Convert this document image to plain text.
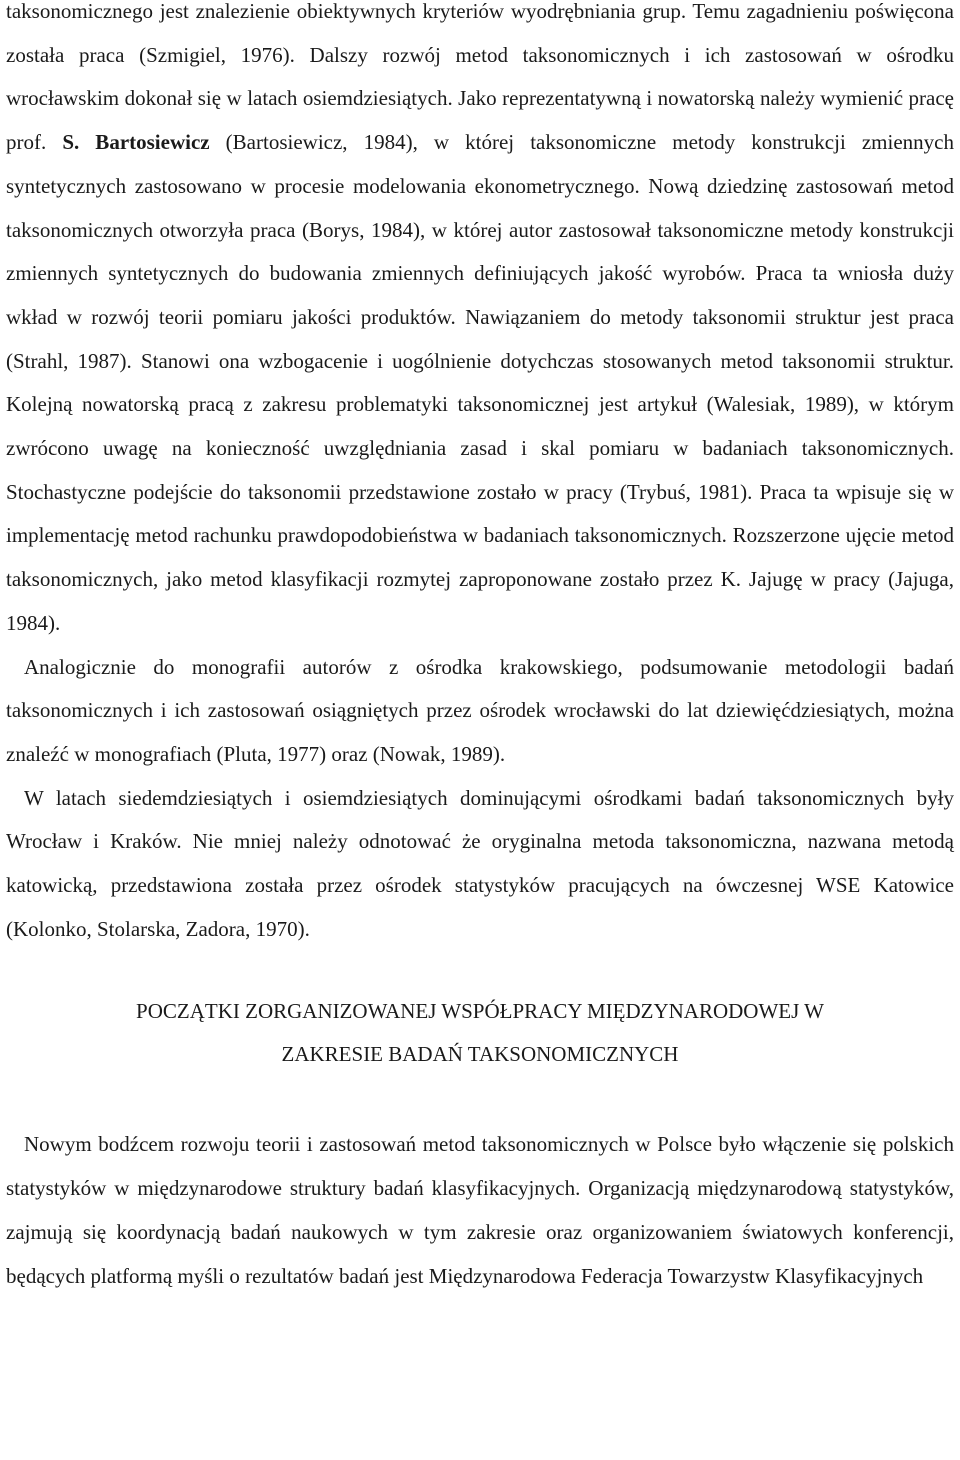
taksonomicznego jest znalezienie obiektywnych kryteriów wyodrębniania grup. Temu zagadnieniu poświęcona została praca (Szmigiel, 1976). Dalszy rozwój metod taksonomicznych i ich zastosowań w ośrodku wrocławskim dokonał się w latach osiemdziesiątych. Jako reprezentatywną i nowatorską należy wymienić pracę prof. S. Bartosiewicz (Bartosiewicz, 1984), w której taksonomiczne metody konstrukcji zmiennych syntetycznych zastosowano w procesie modelowania ekonometrycznego. Nową dziedzinę zastosowań metod taksonomicznych otworzyła praca (Borys, 1984), w której autor zastosował taksonomiczne metody konstrukcji zmiennych syntetycznych do budowania zmiennych definiujących jakość wyrobów. Praca ta wniosła duży wkład w rozwój teorii pomiaru jakości produktów. Nawiązaniem do metody taksonomii struktur jest praca (Strahl, 1987). Stanowi ona wzbogacenie i uogólnienie dotychczas stosowanych metod taksonomii struktur. Kolejną nowatorską pracą z zakresu problematyki taksonomicznej jest artykuł (Walesiak, 1989), w którym zwrócono uwagę na konieczność uwzględniania zasad i skal pomiaru w badaniach taksonomicznych. Stochastyczne podejście do taksonomii przedstawione zostało w pracy (Trybuś, 1981). Praca ta wpisuje się w implementację metod rachunku prawdopodobieństwa w badaniach taksonomicznych. Rozszerzone ujęcie metod taksonomicznych, jako metod klasyfikacji rozmytej zaproponowane zostało przez K. Jajugę w pracy (Jajuga, 1984).

Analogicznie do monografii autorów z ośrodka krakowskiego, podsumowanie metodologii badań taksonomicznych i ich zastosowań osiągniętych przez ośrodek wrocławski do lat dziewięćdziesiątych, można znaleźć w monografiach (Pluta, 1977) oraz (Nowak, 1989).

W latach siedemdziesiątych i osiemdziesiątych dominującymi ośrodkami badań taksonomicznych były Wrocław i Kraków. Nie mniej należy odnotować że oryginalna metoda taksonomiczna, nazwana metodą katowicką, przedstawiona została przez ośrodek statystyków pracujących na ówczesnej WSE Katowice (Kolonko, Stolarska, Zadora, 1970).

POCZĄTKI ZORGANIZOWANEJ WSPÓŁPRACY MIĘDZYNARODOWEJ W

ZAKRESIE BADAŃ TAKSONOMICZNYCH

Nowym bodźcem rozwoju teorii i zastosowań metod taksonomicznych w Polsce było włączenie się polskich statystyków w międzynarodowe struktury badań klasyfikacyjnych. Organizacją międzynarodową statystyków, zajmują się koordynacją badań naukowych w tym zakresie oraz organizowaniem światowych konferencji, będących platformą myśli o rezultatów badań jest Międzynarodowa Federacja Towarzystw Klasyfikacyjnych
